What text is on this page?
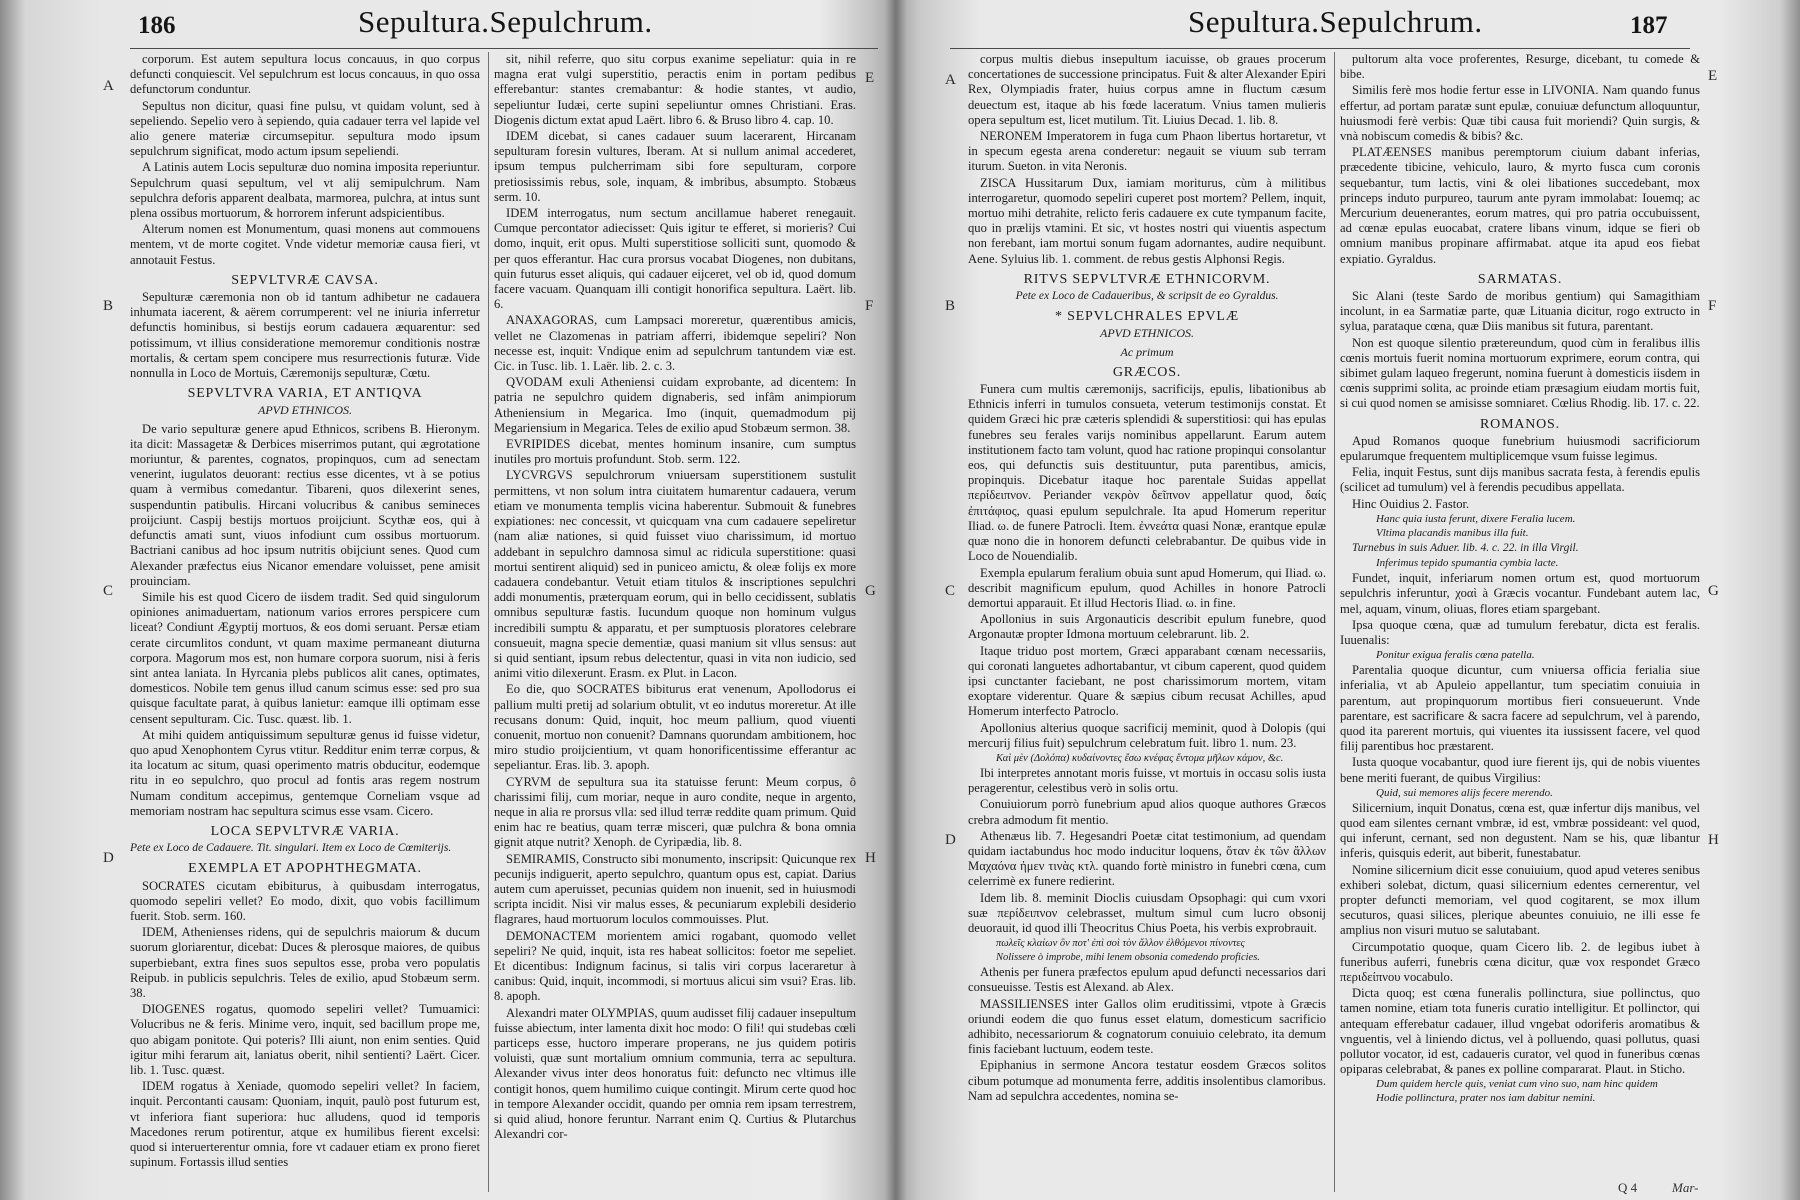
186	Sepultura.Sepulchrum.
A
B
C
D
E
F
G
H

corporum. Est autem sepultura locus concauus, in quo corpus defuncti conquiescit. Vel sepulchrum est locus concauus, in quo ossa defunctorum conduntur.

Sepultus non dicitur, quasi fine pulsu, vt quidam volunt, sed à sepeliendo. Sepelio vero à sepiendo, quia cadauer terra vel lapide vel alio genere materiæ circumsepitur. sepultura modo ipsum sepulchrum significat, modo actum ipsum sepeliendi.

A Latinis autem Locis sepulturæ duo nomina imposita reperiuntur. Sepulchrum quasi sepultum, vel vt alij semipulchrum. Nam sepulchra deforis apparent dealbata, marmorea, pulchra, at intus sunt plena ossibus mortuorum, & horrorem inferunt adspicientibus.

Alterum nomen est Monumentum, quasi monens aut commouens mentem, vt de morte cogitet. Vnde videtur memoriæ causa fieri, vt annotauit Festus.

SEPVLTVRÆ CAVSA.

Sepulturæ cæremonia non ob id tantum adhibetur ne cadauera inhumata iacerent, & aërem corrumperent: vel ne iniuria inferretur defunctis hominibus, si bestijs eorum cadauera æquarentur: sed potissimum, vt illius consideratione memoremur conditionis nostræ mortalis, & certam spem concipere mus resurrectionis futuræ. Vide nonnulla in Loco de Mortuis, Cæremonijs sepulturæ, Cœtu.

SEPVLTVRA VARIA, ET ANTIQVA

APVD ETHNICOS.

De vario sepulturæ genere apud Ethnicos, scribens B. Hieronym. ita dicit: Massagetæ & Derbices miserrimos putant, qui ægrotatione moriuntur, & parentes, cognatos, propinquos, cum ad senectam venerint, iugulatos deuorant: rectius esse dicentes, vt à se potius quam à vermibus comedantur. Tibareni, quos dilexerint senes, suspenduntin patibulis. Hircani volucribus & canibus semineces proijciunt. Caspij bestijs mortuos proijciunt. Scythæ eos, qui à defunctis amati sunt, viuos infodiunt cum ossibus mortuorum. Bactriani canibus ad hoc ipsum nutritis obijciunt senes. Quod cum Alexander præfectus eius Nicanor emendare voluisset, pene amisit prouinciam.

Simile his est quod Cicero de iisdem tradit. Sed quid singulorum opiniones animaduertam, nationum varios errores perspicere cum liceat? Condiunt Ægyptij mortuos, & eos domi seruant. Persæ etiam cerate circumlitos condunt, vt quam maxime permaneant diuturna corpora. Magorum mos est, non humare corpora suorum, nisi à feris sint antea laniata. In Hyrcania plebs publicos alit canes, optimates, domesticos. Nobile tem genus illud canum scimus esse: sed pro sua quisque facultate parat, à quibus lanietur: eamque illi optimam esse censent sepulturam. Cic. Tusc. quæst. lib. 1.

At mihi quidem antiquissimum sepulturæ genus id fuisse videtur, quo apud Xenophontem Cyrus vtitur. Redditur enim terræ corpus, & ita locatum ac situm, quasi operimento matris obducitur, eodemque ritu in eo sepulchro, quo procul ad fontis aras regem nostrum Numam conditum accepimus, gentemque Corneliam vsque ad memoriam nostram hac sepultura scimus esse vsam. Cicero.

LOCA SEPVLTVRÆ VARIA.

Pete ex Loco de Cadauere. Tit. singulari. Item ex Loco de Cœmiterijs.

EXEMPLA ET APOPHTHEGMATA.

SOCRATES cicutam ebibiturus, à quibusdam interrogatus, quomodo sepeliri vellet? Eo modo, dixit, quo vobis facillimum fuerit. Stob. serm. 160.

IDEM, Athenienses ridens, qui de sepulchris maiorum & ducum suorum gloriarentur, dicebat: Duces & plerosque maiores, de quibus superbiebant, extra fines suos sepultos esse, proba vero populatis Reipub. in publicis sepulchris. Teles de exilio, apud Stobæum serm. 38.

DIOGENES rogatus, quomodo sepeliri vellet? Tumuamici: Volucribus ne & feris. Minime vero, inquit, sed bacillum prope me, quo abigam ponitote. Qui poteris? Illi aiunt, non enim senties. Quid igitur mihi ferarum ait, laniatus oberit, nihil sentienti? Laërt. Cicer. lib. 1. Tusc. quæst.

IDEM rogatus à Xeniade, quomodo sepeliri vellet? In faciem, inquit. Percontanti causam: Quoniam, inquit, paulò post futurum est, vt inferiora fiant superiora: huc alludens, quod id temporis Macedones rerum potirentur, atque ex humilibus fierent excelsi: quod si interuerterentur omnia, fore vt cadauer etiam ex prono fieret supinum. Fortassis illud senties

sit, nihil referre, quo situ corpus exanime sepeliatur: quia in re magna erat vulgi superstitio, peractis enim in portam pedibus efferebantur: stantes cremabantur: & hodie stantes, vt audio, sepeliuntur Iudæi, certe supini sepeliuntur omnes Christiani. Eras. Diogenis dictum extat apud Laërt. libro 6. & Bruso libro 4. cap. 10.

IDEM dicebat, si canes cadauer suum lacerarent, Hircanam sepulturam foresin vultures, Iberam. At si nullum animal accederet, ipsum tempus pulcherrimam sibi fore sepulturam, corpore pretiosissimis rebus, sole, inquam, & imbribus, absumpto. Stobæus serm. 10.

IDEM interrogatus, num sectum ancillamue haberet renegauit. Cumque percontator adiecisset: Quis igitur te efferet, si morieris? Cui domo, inquit, erit opus. Multi superstitiose solliciti sunt, quomodo & per quos efferantur. Hac cura prorsus vocabat Diogenes, non dubitans, quin futurus esset aliquis, qui cadauer eijceret, vel ob id, quod domum facere vacuam. Quanquam illi contigit honorifica sepultura. Laërt. lib. 6.

ANAXAGORAS, cum Lampsaci moreretur, quærentibus amicis, vellet ne Clazomenas in patriam afferri, ibidemque sepeliri? Non necesse est, inquit: Vndique enim ad sepulchrum tantundem viæ est. Cic. in Tusc. lib. 1. Laër. lib. 2. c. 3.

QVODAM exuli Atheniensi cuidam exprobante, ad dicentem: In patria ne sepulchro quidem dignaberis, sed infâm animpiorum Atheniensium in Megarica. Imo (inquit, quemadmodum pij Megariensium in Megarica. Teles de exilio apud Stobæum sermon. 38.

EVRIPIDES dicebat, mentes hominum insanire, cum sumptus inutiles pro mortuis profundunt. Stob. serm. 122.

LYCVRGVS sepulchrorum vniuersam superstitionem sustulit permittens, vt non solum intra ciuitatem humarentur cadauera, verum etiam ve monumenta templis vicina haberentur. Submouit & funebres expiationes: nec concessit, vt quicquam vna cum cadauere sepeliretur (nam aliæ nationes, si quid fuisset viuo charissimum, id mortuo addebant in sepulchro damnosa simul ac ridicula superstitione: quasi mortui sentirent aliquid) sed in puniceo amictu, & oleæ folijs ex more cadauera condebantur. Vetuit etiam titulos & inscriptiones sepulchri addi monumentis, præterquam eorum, qui in bello cecidissent, sublatis omnibus sepulturæ fastis. Iucundum quoque non hominum vulgus incredibili sumptu & apparatu, et per sumptuosis ploratores celebrare consueuit, magna specie dementiæ, quasi manium sit vllus sensus: aut si quid sentiant, ipsum rebus delectentur, quasi in vita non iudicio, sed animi vitio dilexerunt. Erasm. ex Plut. in Lacon.

Eo die, quo SOCRATES bibiturus erat venenum, Apollodorus ei pallium multi pretij ad solarium obtulit, vt eo indutus moreretur. At ille recusans donum: Quid, inquit, hoc meum pallium, quod viuenti conuenit, mortuo non conuenit? Damnans quorundam ambitionem, hoc miro studio proijcientium, vt quam honorificentissime efferantur ac sepeliantur. Eras. lib. 3. apoph.

CYRVM de sepultura sua ita statuisse ferunt: Meum corpus, ô charissimi filij, cum moriar, neque in auro condite, neque in argento, neque in alia re prorsus vlla: sed illud terræ reddite quam primum. Quid enim hac re beatius, quam terræ misceri, quæ pulchra & bona omnia gignit atque nutrit? Xenoph. de Cyripædia, lib. 8.

SEMIRAMIS, Constructo sibi monumento, inscripsit: Quicunque rex pecunijs indiguerit, aperto sepulchro, quantum opus est, capiat. Darius autem cum aperuisset, pecunias quidem non inuenit, sed in huiusmodi scripta incidit. Nisi vir malus esses, & pecuniarum explebili desiderio flagrares, haud mortuorum loculos commouisses. Plut.

DEMONACTEM morientem amici rogabant, quomodo vellet sepeliri? Ne quid, inquit, ista res habeat sollicitos: foetor me sepeliet. Et dicentibus: Indignum facinus, si talis viri corpus laceraretur à canibus: Quid, inquit, incommodi, si mortuus alicui sim vsui? Eras. lib. 8. apoph.

Alexandri mater OLYMPIAS, quum audisset filij cadauer insepultum fuisse abiectum, inter lamenta dixit hoc modo: O fili! qui studebas cœli particeps esse, huctoro imperare properans, ne jus quidem potiris voluisti, quæ sunt mortalium omnium communia, terra ac sepultura. Alexander vivus inter deos honoratus fuit: defuncto nec vltimus ille contigit honos, quem humilimo cuique contingit. Mirum certe quod hoc in tempore Alexander occidit, quando per omnia rem ipsam terrestrem, si quid aliud, honore feruntur. Narrant enim Q. Curtius & Plutarchus Alexandri cor-

Sepultura.Sepulchrum.	187
A
B
C
D
E
F
G
H

corpus multis diebus insepultum iacuisse, ob graues procerum concertationes de successione principatus. Fuit & alter Alexander Epiri Rex, Olympiadis frater, huius corpus amne in fluctum cæsum deuectum est, itaque ab his fœde laceratum. Vnius tamen mulieris opera sepultum est, licet mutilum. Tit. Liuius Decad. 1. lib. 8.

NERONEM Imperatorem in fuga cum Phaon libertus hortaretur, vt in specum egesta arena conderetur: negauit se viuum sub terram iturum. Sueton. in vita Neronis.

ZISCA Hussitarum Dux, iamiam moriturus, cùm à militibus interrogaretur, quomodo sepeliri cuperet post mortem? Pellem, inquit, mortuo mihi detrahite, relicto feris cadauere ex cute tympanum facite, quo in prælijs vtamini. Et sic, vt hostes nostri qui viuentis aspectum non ferebant, iam mortui sonum fugam adornantes, audire nequibunt. Aene. Syluius lib. 1. comment. de rebus gestis Alphonsi Regis.

RITVS SEPVLTVRÆ ETHNICORVM.

Pete ex Loco de Cadaueribus, & scripsit de eo Gyraldus.

* SEPVLCHRALES EPVLÆ

APVD ETHNICOS.

Ac primum

GRÆCOS.

Funera cum multis cæremonijs, sacrificijs, epulis, libationibus ab Ethnicis inferri in tumulos consueta, veterum testimonijs constat. Et quidem Græci hic præ cæteris splendidi & superstitiosi: qui has epulas funebres seu ferales varijs nominibus appellarunt. Earum autem institutionem facto tam volunt, quod hac ratione propinqui consolantur eos, qui defunctis suis destituuntur, puta parentibus, amicis, propinquis. Dicebatur itaque hoc parentale Suidas appellat περίδειπνον. Periander νεκρὸν δεῖπνον appellatur quod, δαίς ἐπιτάφιος, quasi epulum sepulchrale. Ita apud Homerum reperitur Iliad. ω. de funere Patrocli. Item. ἐννεάτα quasi Nonæ, erantque epulæ quæ nono die in honorem defuncti celebrabantur. De quibus vide in Loco de Nouendialib.

Exempla epularum feralium obuia sunt apud Homerum, qui Iliad. ω. describit magnificum epulum, quod Achilles in honore Patrocli demortui apparauit. Et illud Hectoris Iliad. ω. in fine.

Apollonius in suis Argonauticis describit epulum funebre, quod Argonautæ propter Idmona mortuum celebrarunt. lib. 2.

Itaque triduo post mortem, Græci apparabant cœnam necessariis, qui coronati languetes adhortabantur, vt cibum caperent, quod quidem ipsi cunctanter faciebant, ne post charissimorum mortem, vitam exoptare viderentur. Quare & sæpius cibum recusat Achilles, apud Homerum interfecto Patroclo.

Apollonius alterius quoque sacrificij meminit, quod à Dolopis (qui mercurij filius fuit) sepulchrum celebratum fuit. libro 1. num. 23.

Καὶ μὲν (Δολόπα) κυδαίνοντες ἔσω κνέφας ἔντομα μῆλων κάμον, &c.

Ibi interpretes annotant moris fuisse, vt mortuis in occasu solis iusta peragerentur, celestibus verò in solis ortu.

Conuiuiorum porrò funebrium apud alios quoque authores Græcos crebra admodum fit mentio.

Athenæus lib. 7. Hegesandri Poetæ citat testimonium, ad quendam quidam iactabundus hoc modo inducitur loquens, ὅταν ἐκ τῶν ἄλλων Μαχαόνα ἠμεν τινὰς κτλ. quando fortè ministro in funebri cœna, cum celerrimè ex funere redierint.

Idem lib. 8. meminit Dioclis cuiusdam Opsophagi: qui cum vxori suæ περίδειπνον celebrasset, multum simul cum lucro obsonij deuorauit, id quod illi Theocritus Chius Poeta, his verbis exprobrauit.

πωλεῖς κλαίων ὃν ποτ' ἐπὶ σοὶ τὸν ἄλλον ἐλθόμενοι πίνοντες

Nolissere ò improbe, mihi lenem obsonia comedendo proficies.

Athenis per funera præfectos epulum apud defuncti necessarios dari consueuisse. Testis est Alexand. ab Alex.

MASSILIENSES inter Gallos olim eruditissimi, vtpote à Græcis oriundi eodem die quo funus esset elatum, domesticum sacrificio adhibito, necessariorum & cognatorum conuiuio celebrato, ita demum finis faciebant luctuum, eodem teste.

Epiphanius in sermone Ancora testatur eosdem Græcos solitos cibum potumque ad monumenta ferre, additis insolentibus clamoribus. Nam ad sepulchra accedentes, nomina se-

pultorum alta voce proferentes, Resurge, dicebant, tu comede & bibe.

Similis ferè mos hodie fertur esse in LIVONIA. Nam quando funus effertur, ad portam paratæ sunt epulæ, conuiuæ defunctum alloquuntur, huiusmodi ferè verbis: Quæ tibi causa fuit moriendi? Quin surgis, & vnà nobiscum comedis & bibis? &c.

PLATÆENSES manibus peremptorum ciuium dabant inferias, præcedente tibicine, vehiculo, lauro, & myrto fusca cum coronis sequebantur, tum lactis, vini & olei libationes succedebant, mox princeps induto purpureo, taurum ante pyram immolabat: Iouemq; ac Mercurium deuenerantes, eorum matres, qui pro patria occubuissent, ad cœnæ epulas euocabat, cratere libans vinum, idque se fieri ob omnium manibus propinare affirmabat. atque ita apud eos fiebat expiatio. Gyraldus.

SARMATAS.

Sic Alani (teste Sardo de moribus gentium) qui Samagithiam incolunt, in ea Sarmatiæ parte, quæ Lituania dicitur, rogo extructo in sylua, parataque cœna, quæ Diis manibus sit futura, parentant.

Non est quoque silentio prætereundum, quod cùm in feralibus illis cœnis mortuis fuerit nomina mortuorum exprimere, eorum contra, qui sibimet gulam laqueo fregerunt, nomina fuerunt à domesticis iisdem in cœnis supprimi solita, ac proinde etiam præsagium eiudam mortis fuit, si cui quod nomen se amisisse somniaret. Cœlius Rhodig. lib. 17. c. 22.

ROMANOS.

Apud Romanos quoque funebrium huiusmodi sacrificiorum epularumque frequentem multiplicemque vsum fuisse legimus.

Felia, inquit Festus, sunt dijs manibus sacrata festa, à ferendis epulis (scilicet ad tumulum) vel à ferendis pecudibus appellata.

Hinc Ouidius 2. Fastor.

Hanc quia iusta ferunt, dixere Feralia lucem.

Vltima placandis manibus illa fuit.

Turnebus in suis Aduer. lib. 4. c. 22. in illa Virgil.

Inferimus tepido spumantia cymbia lacte.

Fundet, inquit, inferiarum nomen ortum est, quod mortuorum sepulchris inferuntur, χοαὶ à Græcis vocantur. Fundebant autem lac, mel, aquam, vinum, oliuas, flores etiam spargebant.

Ipsa quoque cœna, quæ ad tumulum ferebatur, dicta est feralis. Iuuenalis:

Ponitur exigua feralis cœna patella.

Parentalia quoque dicuntur, cum vniuersa officia ferialia siue inferialia, vt ab Apuleio appellantur, tum speciatim conuiuia in parentum, aut propinquorum mortibus fieri consueuerunt. Vnde parentare, est sacrificare & sacra facere ad sepulchrum, vel à parendo, quod ita parerent mortuis, qui viuentes ita iussissent facere, vel quod filij parentibus hoc præstarent.

Iusta quoque vocabantur, quod iure fierent ijs, qui de nobis viuentes bene meriti fuerant, de quibus Virgilius:

Quid, sui memores alijs fecere merendo.

Silicernium, inquit Donatus, cœna est, quæ infertur dijs manibus, vel quod eam silentes cernant vmbræ, id est, vmbræ possideant: vel quod, qui inferunt, cernant, sed non degustent. Nam se his, quæ libantur inferis, quisquis ederit, aut biberit, funestabatur.

Nomine silicernium dicit esse conuiuium, quod apud veteres senibus exhiberi solebat, dictum, quasi silicernium edentes cernerentur, vel propter defuncti memoriam, vel quod cogitarent, se mox illum secuturos, quasi silices, plerique abeuntes conuiuio, ne illi esse fe amplius non visuri mutuo se salutabant.

Circumpotatio quoque, quam Cicero lib. 2. de legibus iubet à funeribus auferri, funebris cœna dicitur, quæ vox respondet Græco περιδείπνου vocabulo.

Dicta quoq; est cœna funeralis pollinctura, siue pollinctus, quo tamen nomine, etiam tota funeris curatio intelligitur. Et pollinctor, qui antequam efferebatur cadauer, illud vngebat odoriferis aromatibus & vnguentis, vel à liniendo dictus, vel à polluendo, quasi pollutus, quasi pollutor vocator, id est, cadaueris curator, vel quod in funeribus cœnas opiparas celebrabat, & panes ex polline compararat. Plaut. in Sticho.

Dum quidem hercle quis, veniat cum vino suo, nam hinc quidem

Hodie pollinctura, prater nos iam dabitur nemini.

Q 4	Mar-
